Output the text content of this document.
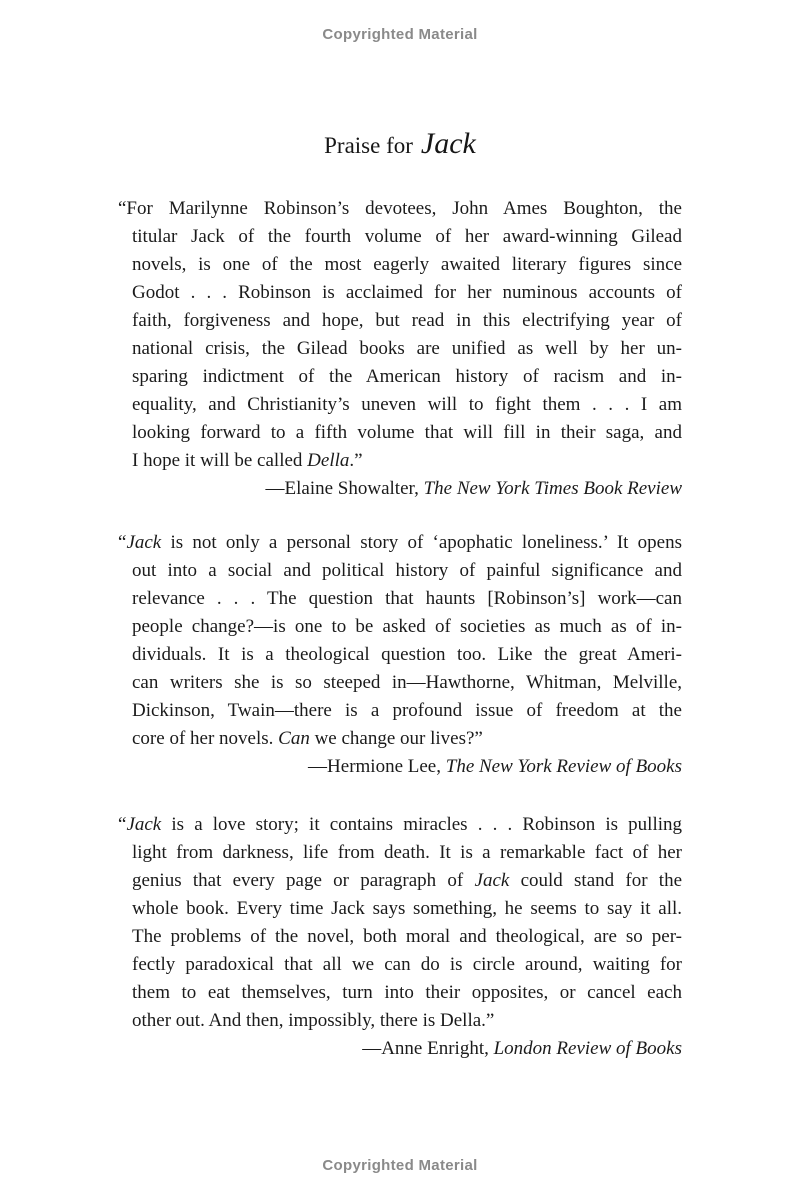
Copyrighted Material
Praise for Jack
“For Marilynne Robinson’s devotees, John Ames Boughton, the
titular Jack of the fourth volume of her award-winning Gilead
novels, is one of the most eagerly awaited literary figures since
Godot . . . Robinson is acclaimed for her numinous accounts of
faith, forgiveness and hope, but read in this electrifying year of
national crisis, the Gilead books are unified as well by her un-
sparing indictment of the American history of racism and in-
equality, and Christianity’s uneven will to fight them . . . I am
looking forward to a fifth volume that will fill in their saga, and
I hope it will be called Della.”
—Elaine Showalter, The New York Times Book Review
“Jack is not only a personal story of ‘apophatic loneliness.’ It opens
out into a social and political history of painful significance and
relevance . . . The question that haunts [Robinson’s] work—can
people change?—is one to be asked of societies as much as of in-
dividuals. It is a theological question too. Like the great Ameri-
can writers she is so steeped in—Hawthorne, Whitman, Melville,
Dickinson, Twain—there is a profound issue of freedom at the
core of her novels. Can we change our lives?”
—Hermione Lee, The New York Review of Books
“Jack is a love story; it contains miracles . . . Robinson is pulling
light from darkness, life from death. It is a remarkable fact of her
genius that every page or paragraph of Jack could stand for the
whole book. Every time Jack says something, he seems to say it all.
The problems of the novel, both moral and theological, are so per-
fectly paradoxical that all we can do is circle around, waiting for
them to eat themselves, turn into their opposites, or cancel each
other out. And then, impossibly, there is Della.”
—Anne Enright, London Review of Books
Copyrighted Material
